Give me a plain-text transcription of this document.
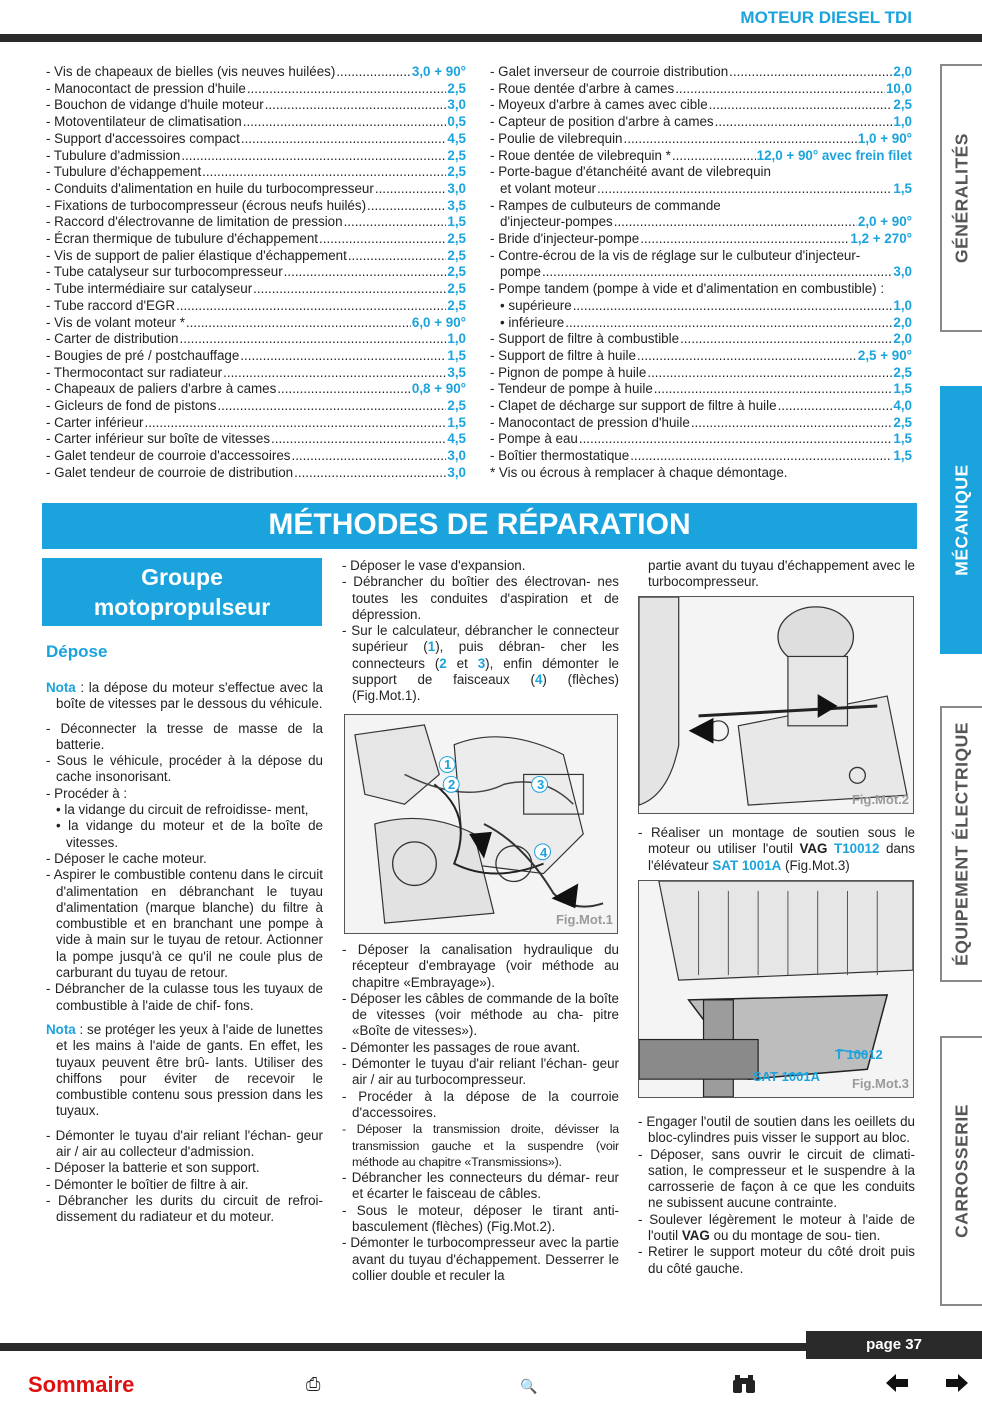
MOTEUR DIESEL TDI
- Vis de chapeaux de bielles (vis neuves huilées) .....	3,0 + 90°
- Manocontact de pression d'huile .....	2,5
- Bouchon de vidange d'huile moteur .....	3,0
- Motoventilateur de climatisation .....	0,5
- Support d'accessoires compact .....	4,5
- Tubulure d'admission .....	2,5
- Tubulure d'échappement .....	2,5
- Conduits d'alimentation en huile du turbocompresseur .....	3,0
- Fixations de turbocompresseur (écrous neufs huilés) .....	3,5
- Raccord d'électrovanne de limitation de pression .....	1,5
- Écran thermique de tubulure d'échappement .....	2,5
- Vis de support de palier élastique d'échappement .....	2,5
- Tube catalyseur sur turbocompresseur .....	2,5
- Tube intermédiaire sur catalyseur .....	2,5
- Tube raccord d'EGR .....	2,5
- Vis de volant moteur * .....	6,0 + 90°
- Carter de distribution .....	1,0
- Bougies de pré / postchauffage .....	1,5
- Thermocontact sur radiateur .....	3,5
- Chapeaux de paliers d'arbre à cames .....	0,8 + 90°
- Gicleurs de fond de pistons .....	2,5
- Carter inférieur .....	1,5
- Carter inférieur sur boîte de vitesses .....	4,5
- Galet tendeur de courroie d'accessoires .....	3,0
- Galet tendeur de courroie de distribution .....	3,0
- Galet inverseur de courroie distribution .....	2,0
- Roue dentée d'arbre à cames .....	10,0
- Moyeux d'arbre à cames avec cible .....	2,5
- Capteur de position d'arbre à cames .....	1,0
- Poulie de vilebrequin .....	1,0 + 90°
- Roue dentée de vilebrequin * .....	12,0 + 90° avec frein filet
- Porte-bague d'étanchéité avant de vilebrequin
et volant moteur .....	1,5
- Rampes de culbuteurs de commande
d'injecteur-pompes .....	2,0 + 90°
- Bride d'injecteur-pompe .....	1,2 + 270°
- Contre-écrou de la vis de réglage sur le culbuteur d'injecteur-
pompe .....	3,0
- Pompe tandem (pompe à vide et d'alimentation en combustible) :
• supérieure .....	1,0
• inférieure .....	2,0
- Support de filtre à combustible .....	2,0
- Support de filtre à huile .....	2,5 + 90°
- Pignon de pompe à huile .....	2,5
- Tendeur de pompe à huile .....	1,5
- Clapet de décharge sur support de filtre à huile .....	4,0
- Manocontact de pression d'huile .....	2,5
- Pompe à eau .....	1,5
- Boîtier thermostatique .....	1,5
* Vis ou écrous à remplacer à chaque démontage.
MÉTHODES DE RÉPARATION
Groupe
motopropulseur
Dépose

Nota : la dépose du moteur s'effectue avec la boîte de vitesses par le dessous du véhicule.

- Déconnecter la tresse de masse de la batterie.

- Sous le véhicule, procéder à la dépose du cache insonorisant.

- Procéder à :

• la vidange du circuit de refroidisse- ment,

• la vidange du moteur et de la boîte de vitesses.

- Déposer le cache moteur.

- Aspirer le combustible contenu dans le circuit d'alimentation en débranchant le tuyau d'alimentation (marque blanche) du filtre à combustible et en branchant une pompe à vide à main sur le tuyau de retour. Actionner la pompe jusqu'à ce qu'il ne coule plus de carburant du tuyau de retour.

- Débrancher de la culasse tous les tuyaux de combustible à l'aide de chif- fons.

Nota : se protéger les yeux à l'aide de lunettes et les mains à l'aide de gants. En effet, les tuyaux peuvent être brû- lants. Utiliser des chiffons pour éviter de recevoir le combustible contenu sous pression dans les tuyaux.

- Démonter le tuyau d'air reliant l'échan- geur air / air au collecteur d'admission.

- Déposer la batterie et son support.

- Démonter le boîtier de filtre à air.

- Débrancher les durits du circuit de refroi- dissement du radiateur et du moteur.

- Déposer le vase d'expansion.

- Débrancher du boîtier des électrovan- nes toutes les conduites d'aspiration et de dépression.

- Sur le calculateur, débrancher le connecteur supérieur (1), puis débran- cher les connecteurs (2 et 3), enfin démonter le support de faisceaux (4) (flèches) (Fig.Mot.1).

1
2	3
4
Fig.Mot.1

- Déposer la canalisation hydraulique du récepteur d'embrayage (voir méthode au chapitre «Embrayage»).

- Déposer les câbles de commande de la boîte de vitesses (voir méthode au cha- pitre «Boîte de vitesses»).

- Démonter les passages de roue avant.

- Démonter le tuyau d'air reliant l'échan- geur air / air au turbocompresseur.

- Procéder à la dépose de la courroie d'accessoires.

- Déposer la transmission droite, dévisser la transmission gauche et la suspendre (voir méthode au chapitre «Transmissions»).

- Débrancher les connecteurs du démar- reur et écarter le faisceau de câbles.

- Sous le moteur, déposer le tirant anti- basculement (flèches) (Fig.Mot.2).

- Démonter le turbocompresseur avec la partie avant du tuyau d'échappement. Desserrer le collier double et reculer la

partie avant du tuyau d'échappement avec le turbocompresseur.

Fig.Mot.2

- Réaliser un montage de soutien sous le moteur ou utiliser l'outil VAG T10012 dans l'élévateur SAT 1001A (Fig.Mot.3)

T 10012
SAT 1001A Fig.Mot.3

- Engager l'outil de soutien dans les oeillets du bloc-cylindres puis visser le support au bloc.

- Déposer, sans ouvrir le circuit de climati- sation, le compresseur et le suspendre à la carrosserie de façon à ce que les conduits ne subissent aucune contrainte.

- Soulever légèrement le moteur à l'aide de l'outil VAG ou du montage de sou- tien.

- Retirer le support moteur du côté droit puis du côté gauche.

GÉNÉRALITÉS
MÉCANIQUE
ÉQUIPEMENT ÉLECTRIQUE
CARROSSERIE
page 37
Sommaire	⎙	🔍
